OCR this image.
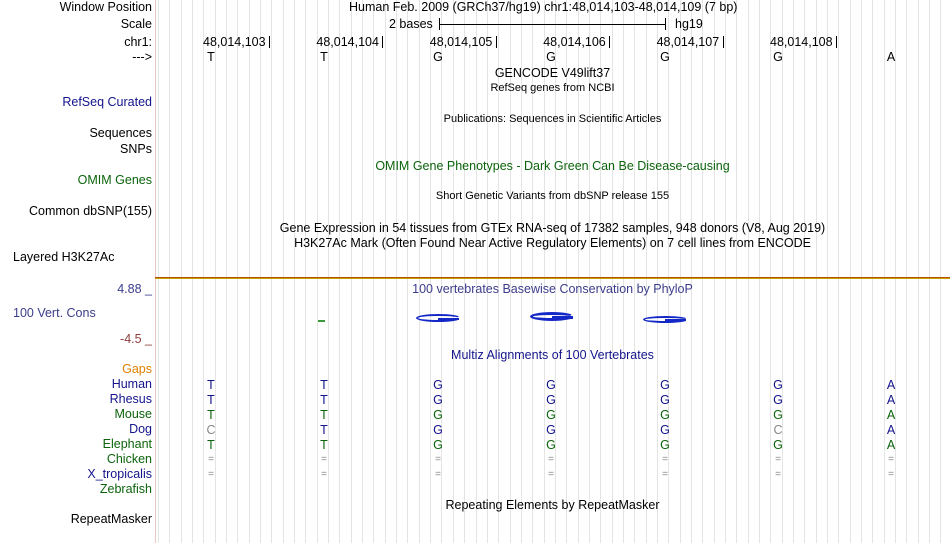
Window Position
Scale
chr1:
--->
Human Feb. 2009 (GRCh37/hg19) chr1:48,014,103-48,014,109 (7 bp)
2 bases	hg19
48,014,103	48,014,104	48,014,105	48,014,106	48,014,107	48,014,108
T	T	G	G	G	G	A
GENCODE V49lift37
RefSeq genes from NCBI
RefSeq Curated
Publications: Sequences in Scientific Articles
Sequences
SNPs
OMIM Gene Phenotypes - Dark Green Can Be Disease-causing
OMIM Genes
Short Genetic Variants from dbSNP release 155
Common dbSNP(155)
Gene Expression in 54 tissues from GTEx RNA-seq of 17382 samples, 948 donors (V8, Aug 2019)
H3K27Ac Mark (Often Found Near Active Regulatory Elements) on 7 cell lines from ENCODE
Layered H3K27Ac
4.88 _	100 vertebrates Basewise Conservation by PhyloP
100 Vert. Cons
-4.5 _
Multiz Alignments of 100 Vertebrates
Gaps
Human	T	T	G	G	G	G	A
Rhesus	T	T	G	G	G	G	A
Mouse	T	T	G	G	G	G	A
Dog	C	T	G	G	G	C	A
Elephant	T	T	G	G	G	G	A
Chicken	=	=	=	=	=	=	=
X_tropicalis	=	=	=	=	=	=	=
Zebrafish
Repeating Elements by RepeatMasker
RepeatMasker
